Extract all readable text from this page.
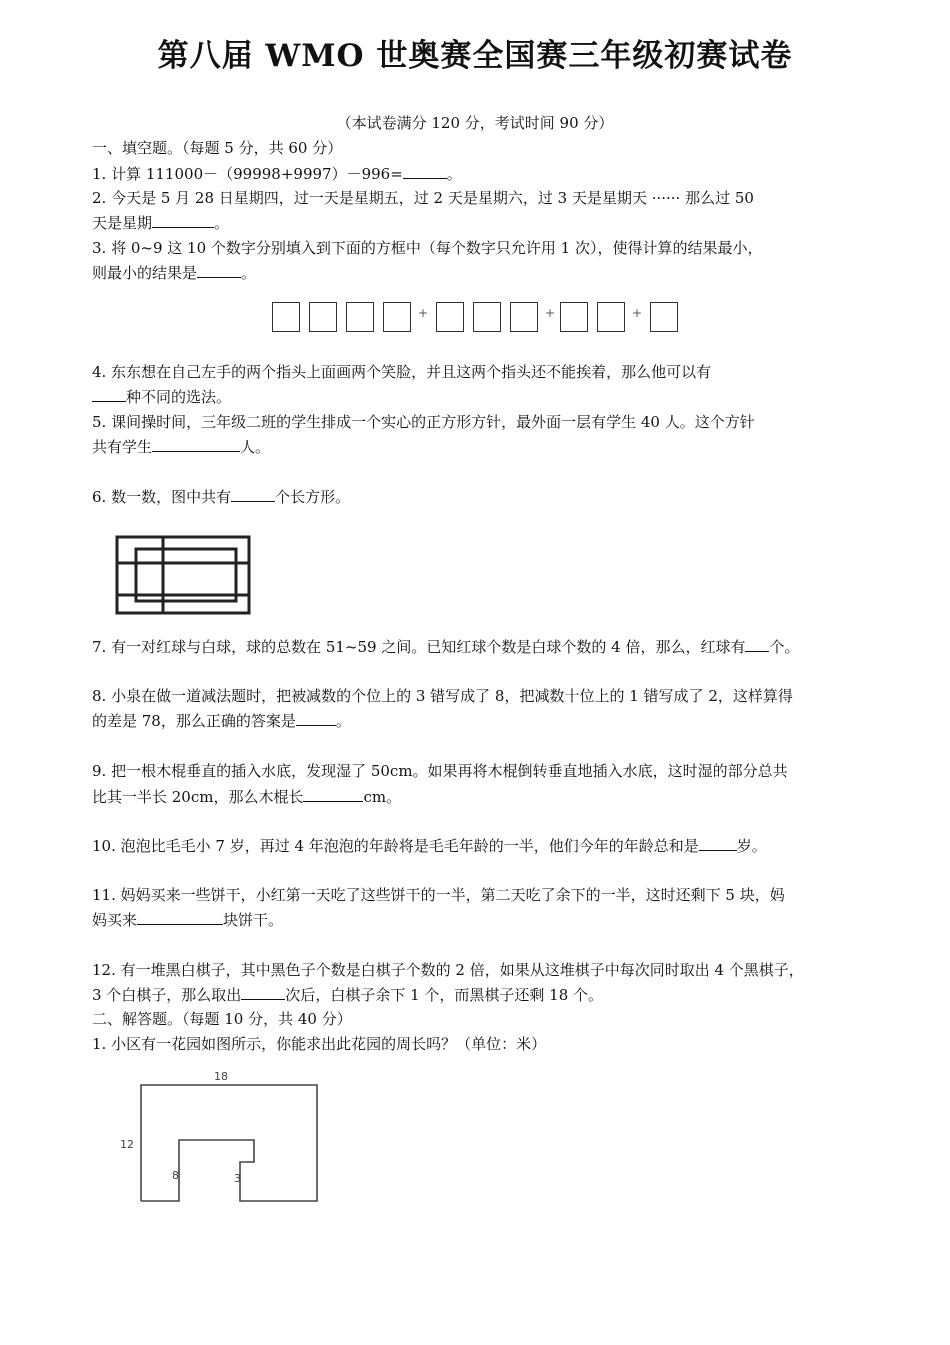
第八届 WMO 世奥赛全国赛三年级初赛试卷
（本试卷满分 120 分，考试时间 90 分）
一、填空题。（每题 5 分，共 60 分）
1. 计算 111000－（99998+9997）－996=	。
2. 今天是 5 月 28 日星期四，过一天是星期五，过 2 天是星期六，过 3 天是星期天 ······ 那么过 50
天是星期	。
3. 将 0~9 这 10 个数字分别填入到下面的方框中（每个数字只允许用 1 次），使得计算的结果最小，
则最小的结果是	。
+	+	+
4. 东东想在自己左手的两个指头上面画两个笑脸，并且这两个指头还不能挨着，那么他可以有
种不同的选法。
5. 课间操时间，三年级二班的学生排成一个实心的正方形方针，最外面一层有学生 40 人。这个方针
共有学生	人。
6. 数一数，图中共有	个长方形。
7. 有一对红球与白球，球的总数在 51~59 之间。已知红球个数是白球个数的 4 倍，那么，红球有 个。
8. 小泉在做一道减法题时，把被减数的个位上的 3 错写成了 8，把减数十位上的 1 错写成了 2，这样算得
的差是 78，那么正确的答案是	。
9. 把一根木棍垂直的插入水底，发现湿了 50cm。如果再将木棍倒转垂直地插入水底，这时湿的部分总共
比其一半长 20cm，那么木棍长	cm。
10. 泡泡比毛毛小 7 岁，再过 4 年泡泡的年龄将是毛毛年龄的一半，他们今年的年龄总和是	岁。
11. 妈妈买来一些饼干，小红第一天吃了这些饼干的一半，第二天吃了余下的一半，这时还剩下 5 块，妈
妈买来	块饼干。
12. 有一堆黑白棋子，其中黑色子个数是白棋子个数的 2 倍，如果从这堆棋子中每次同时取出 4 个黑棋子，
3 个白棋子，那么取出	次后，白棋子余下 1 个，而黑棋子还剩 18 个。
二、解答题。（每题 10 分，共 40 分）
1. 小区有一花园如图所示，你能求出此花园的周长吗？（单位：米）
18
12
8	3
